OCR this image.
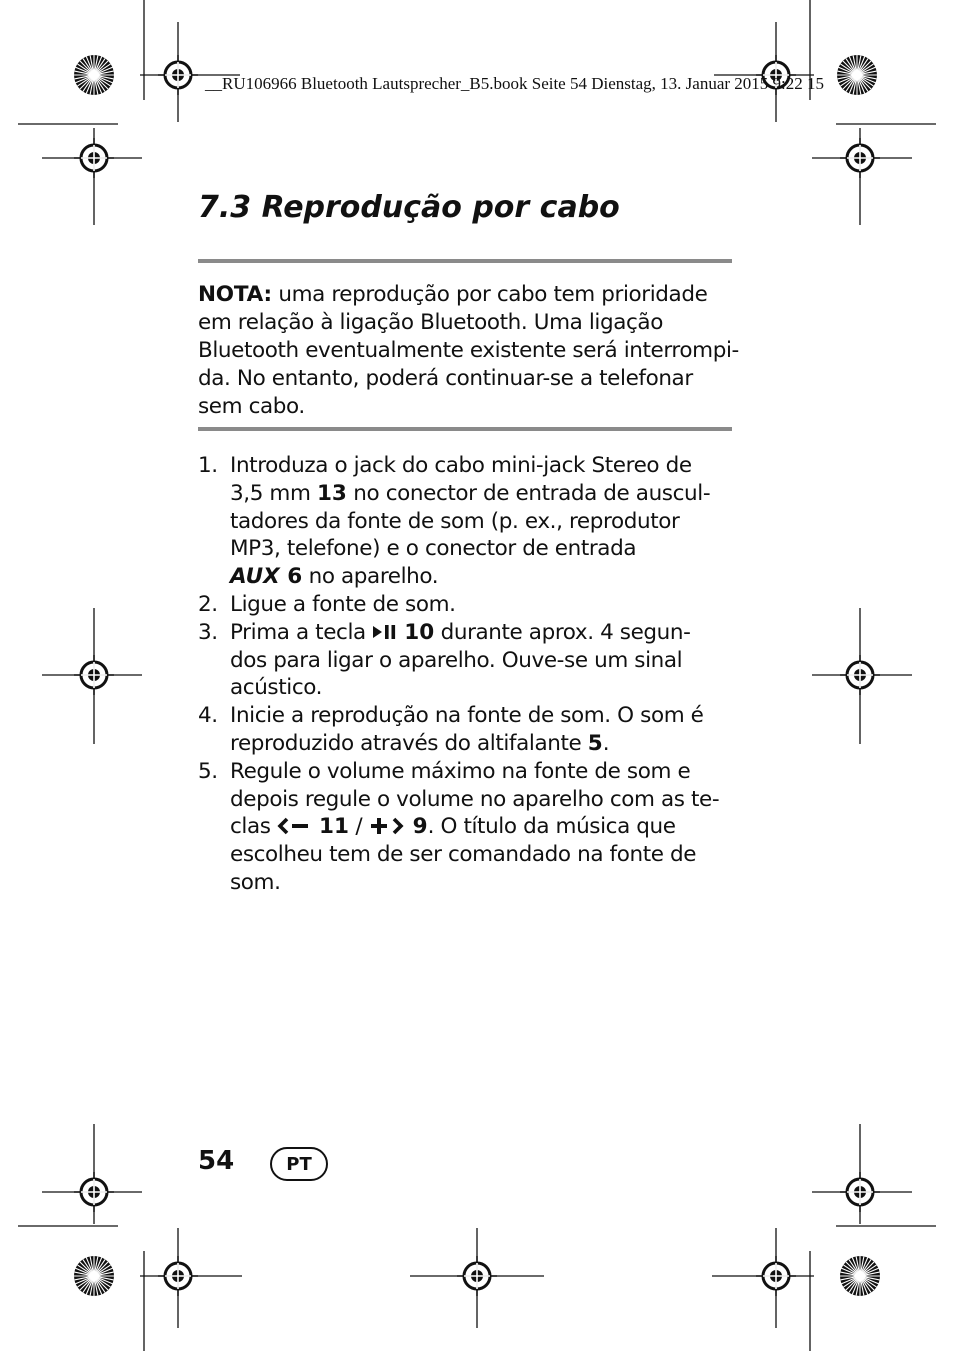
__RU106966 Bluetooth Lautsprecher_B5.book Seite 54 Dienstag, 13. Januar 2015 9:22 15
7.3 Reprodução por cabo
NOTA: uma reprodução por cabo tem prioridade
em relação à ligação Bluetooth. Uma ligação
Bluetooth eventualmente existente será interrompi-
da. No entanto, poderá continuar-se a telefonar
sem cabo.
1. Introduza o jack do cabo mini-jack Stereo de
3,5 mm 13 no conector de entrada de auscul-
tadores da fonte de som (p. ex., reprodutor
MP3, telefone) e o conector de entrada
AUX 6 no aparelho.
2. Ligue a fonte de som.
3. Prima a tecla 10 durante aprox. 4 segun-
dos para ligar o aparelho. Ouve-se um sinal
acústico.
4. Inicie a reprodução na fonte de som. O som é
reproduzido através do altifalante 5.
5. Regule o volume máximo na fonte de som e
depois regule o volume no aparelho com as te-
clas 11 / 9. O título da música que
escolheu tem de ser comandado na fonte de
som.
54	PT
